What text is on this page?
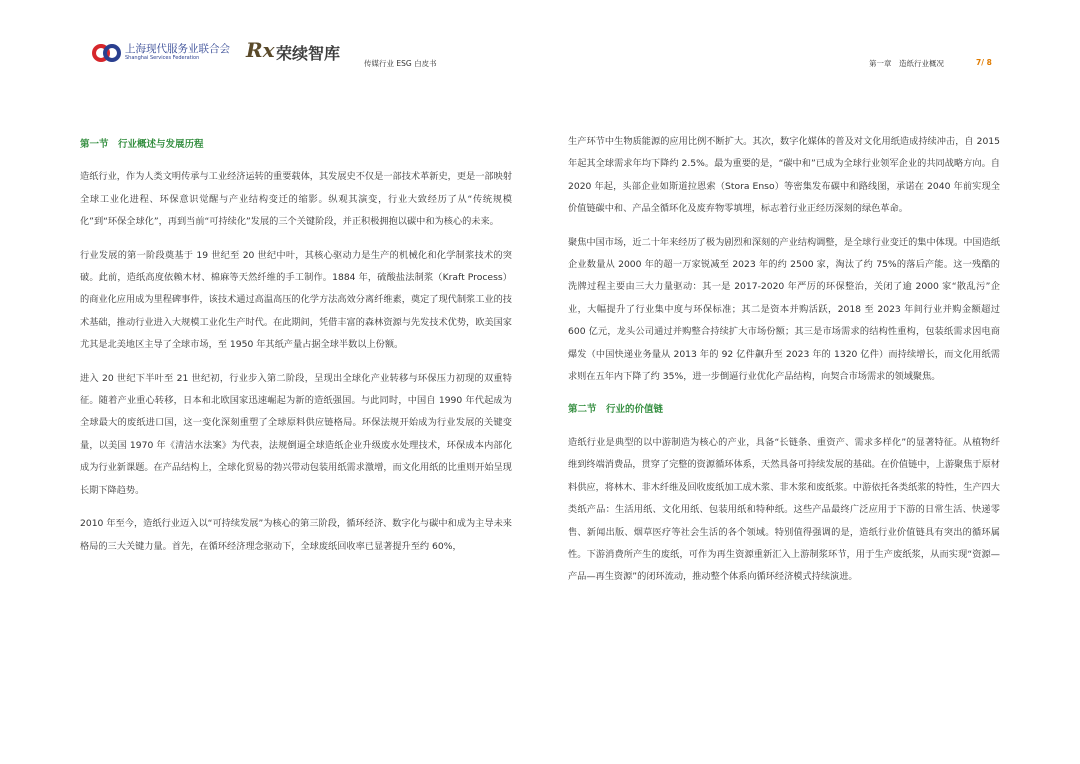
上海现代服务业联合会
Shanghai Services Federation Rx 荣续智库
传媒行业 ESG 白皮书	第一章　造纸行业概况	7/ 8
第一节　行业概述与发展历程

造纸行业，作为人类文明传承与工业经济运转的重要载体，其发展史不仅是一部技术革新史，更是一部映射全球工业化进程、环保意识觉醒与产业结构变迁的缩影。纵观其演变，行业大致经历了从“传统规模化”到“环保全球化”，再到当前“可持续化”发展的三个关键阶段，并正积极拥抱以碳中和为核心的未来。

行业发展的第一阶段奠基于 19 世纪至 20 世纪中叶，其核心驱动力是生产的机械化和化学制浆技术的突破。此前，造纸高度依赖木材、棉麻等天然纤维的手工制作。1884 年，硫酸盐法制浆（Kraft Process）的商业化应用成为里程碑事件，该技术通过高温高压的化学方法高效分离纤维素，奠定了现代制浆工业的技术基础，推动行业进入大规模工业化生产时代。在此期间，凭借丰富的森林资源与先发技术优势，欧美国家尤其是北美地区主导了全球市场，至 1950 年其纸产量占据全球半数以上份额。

进入 20 世纪下半叶至 21 世纪初，行业步入第二阶段，呈现出全球化产业转移与环保压力初现的双重特征。随着产业重心转移，日本和北欧国家迅速崛起为新的造纸强国。与此同时，中国自 1990 年代起成为全球最大的废纸进口国，这一变化深刻重塑了全球原料供应链格局。环保法规开始成为行业发展的关键变量，以美国 1970 年《清洁水法案》为代表，法规倒逼全球造纸企业升级废水处理技术，环保成本内部化成为行业新课题。在产品结构上，全球化贸易的勃兴带动包装用纸需求激增，而文化用纸的比重则开始呈现长期下降趋势。

2010 年至今，造纸行业迈入以“可持续发展”为核心的第三阶段，循环经济、数字化与碳中和成为主导未来格局的三大关键力量。首先，在循环经济理念驱动下，全球废纸回收率已显著提升至约 60%，

生产环节中生物质能源的应用比例不断扩大。其次，数字化媒体的普及对文化用纸造成持续冲击，自 2015 年起其全球需求年均下降约 2.5%。最为重要的是，“碳中和”已成为全球行业领军企业的共同战略方向。自 2020 年起，头部企业如斯道拉恩索（Stora Enso）等密集发布碳中和路线图，承诺在 2040 年前实现全价值链碳中和、产品全循环化及废弃物零填埋，标志着行业正经历深刻的绿色革命。

聚焦中国市场，近二十年来经历了极为剧烈和深刻的产业结构调整，是全球行业变迁的集中体现。中国造纸企业数量从 2000 年的超一万家锐减至 2023 年的约 2500 家，淘汰了约 75%的落后产能。这一残酷的洗牌过程主要由三大力量驱动：其一是 2017-2020 年严厉的环保整治，关闭了逾 2000 家“散乱污”企业，大幅提升了行业集中度与环保标准；其二是资本并购活跃，2018 至 2023 年间行业并购金额超过 600 亿元，龙头公司通过并购整合持续扩大市场份额；其三是市场需求的结构性重构，包装纸需求因电商爆发（中国快递业务量从 2013 年的 92 亿件飙升至 2023 年的 1320 亿件）而持续增长，而文化用纸需求则在五年内下降了约 35%，进一步倒逼行业优化产品结构，向契合市场需求的领域聚焦。

第二节　行业的价值链

造纸行业是典型的以中游制造为核心的产业，具备“长链条、重资产、需求多样化”的显著特征。从植物纤维到终端消费品，贯穿了完整的资源循环体系，天然具备可持续发展的基础。在价值链中，上游聚焦于原材料供应，将林木、非木纤维及回收废纸加工成木浆、非木浆和废纸浆。中游依托各类纸浆的特性，生产四大类纸产品：生活用纸、文化用纸、包装用纸和特种纸。这些产品最终广泛应用于下游的日常生活、快递零售、新闻出版、烟草医疗等社会生活的各个领域。特别值得强调的是，造纸行业价值链具有突出的循环属性。下游消费所产生的废纸，可作为再生资源重新汇入上游制浆环节，用于生产废纸浆，从而实现“资源—产品—再生资源”的闭环流动，推动整个体系向循环经济模式持续演进。
